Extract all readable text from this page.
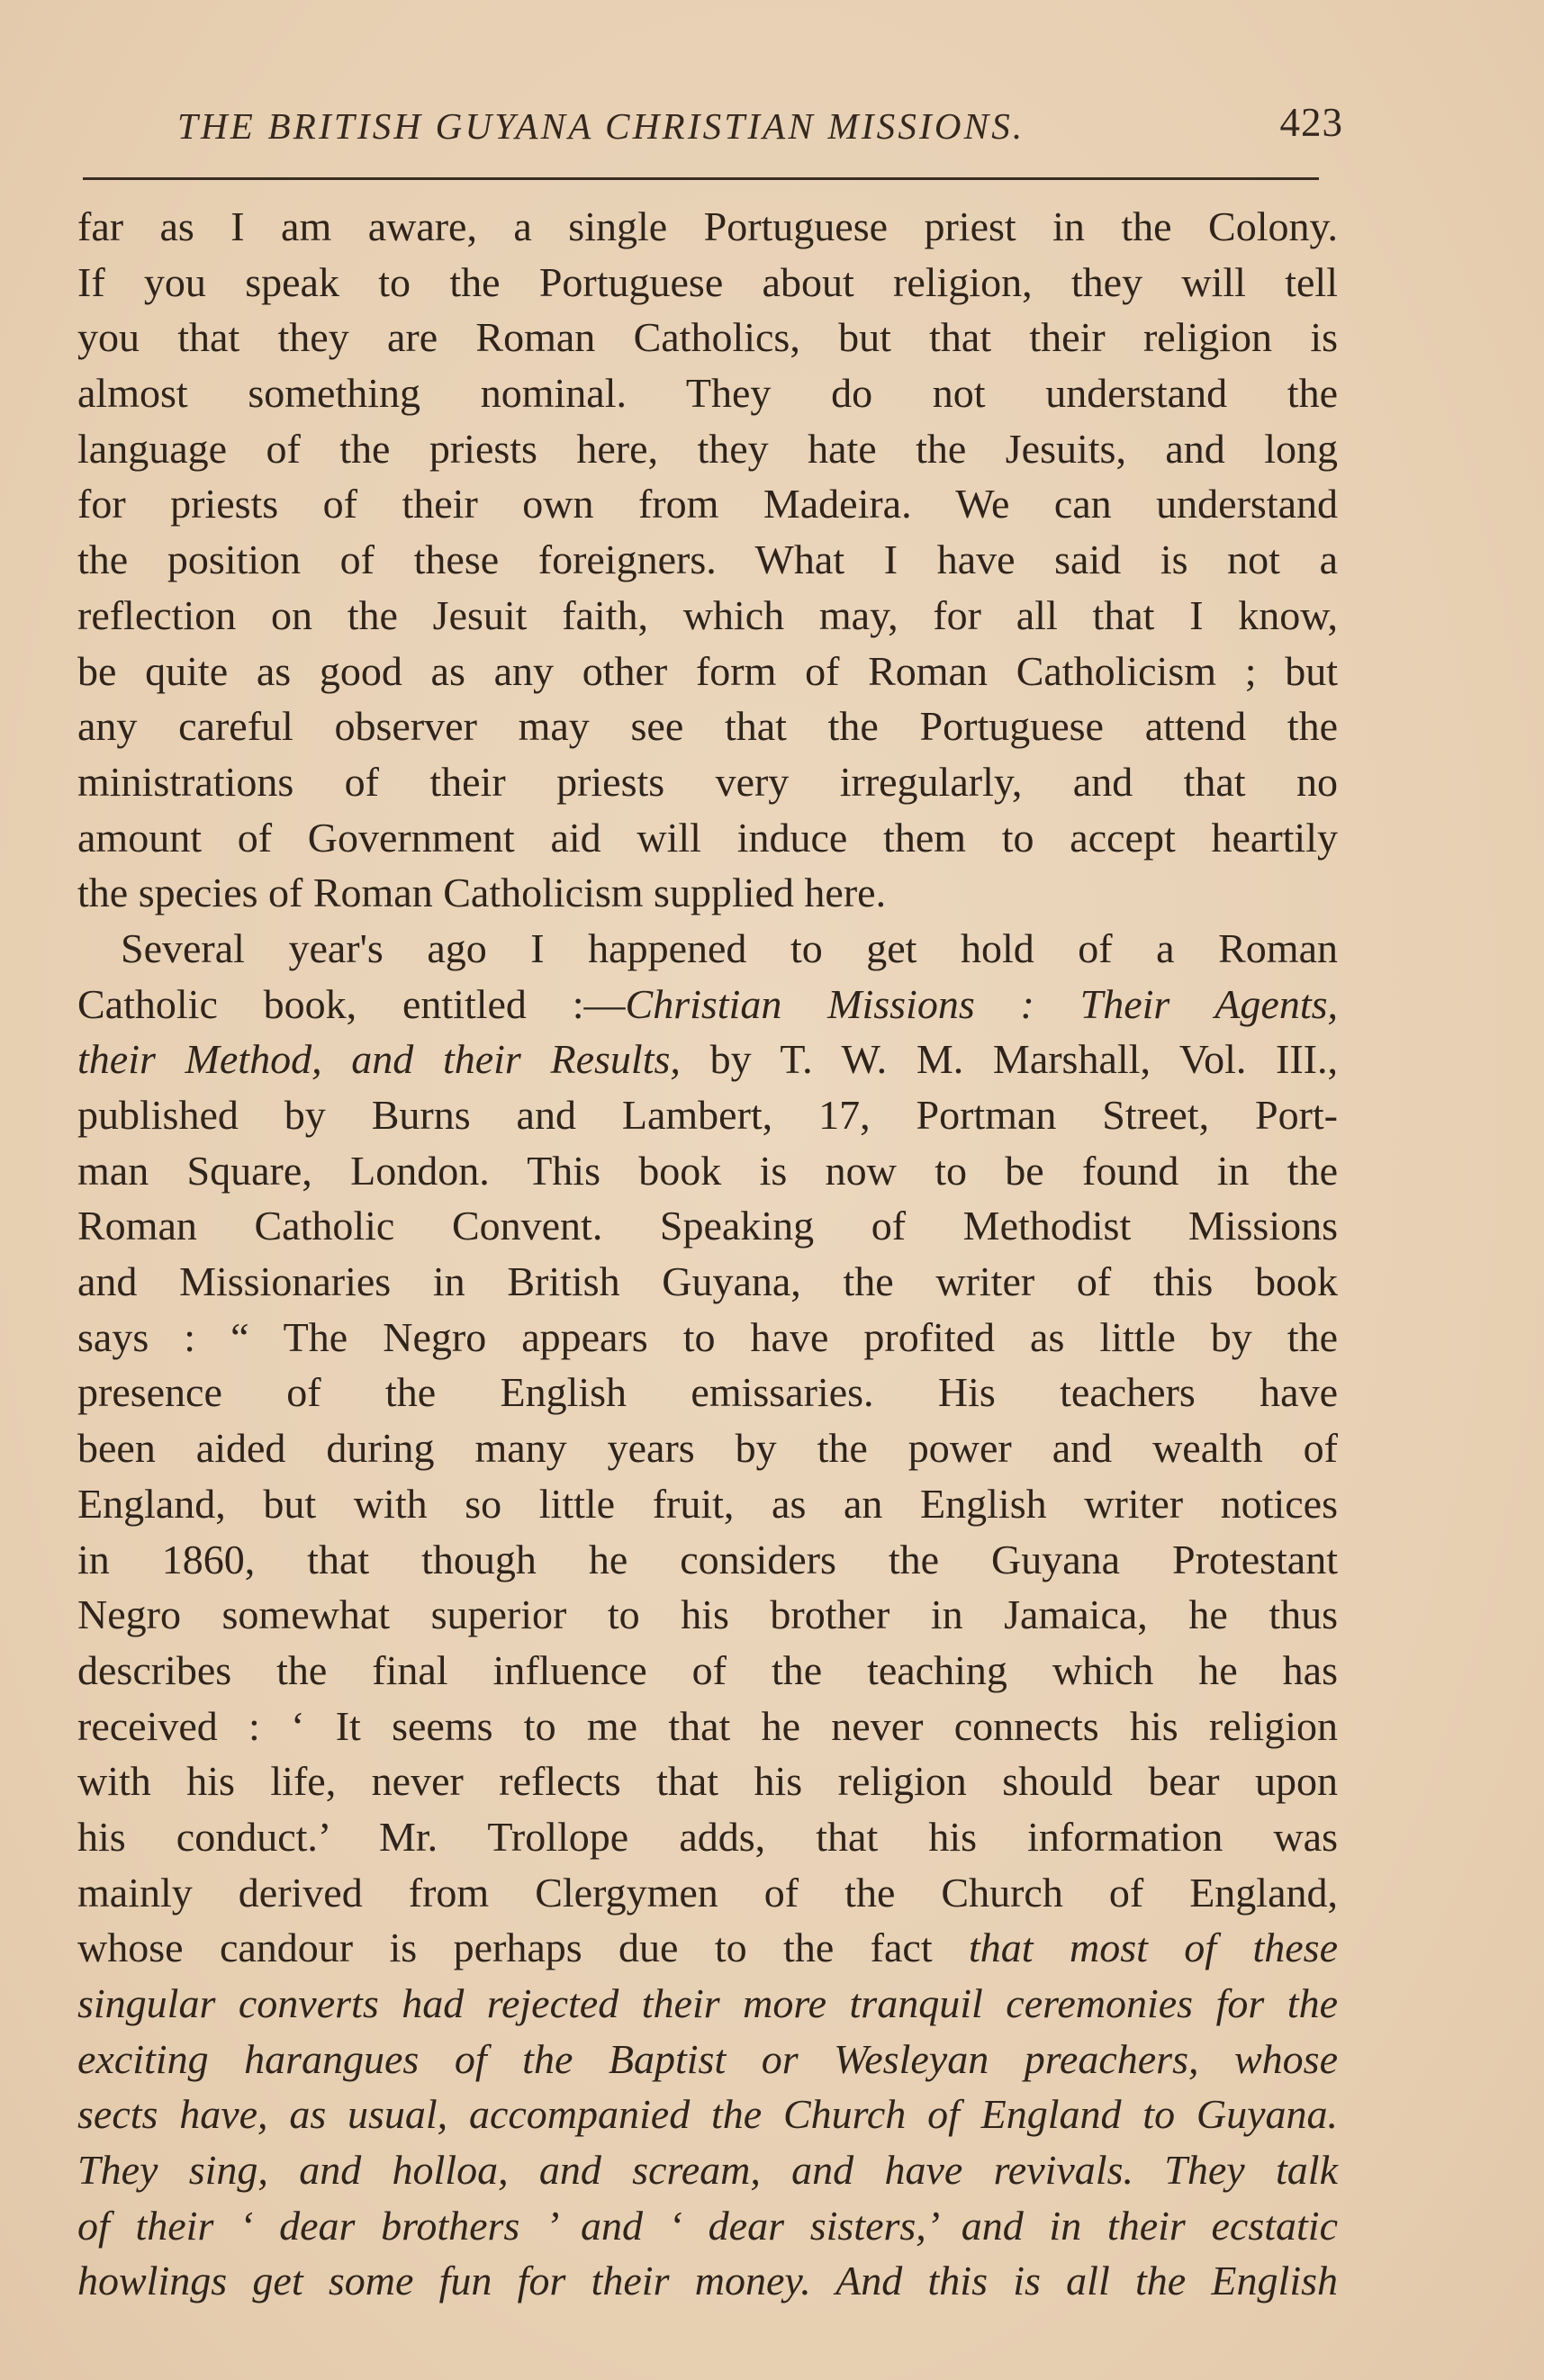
THE BRITISH GUYANA CHRISTIAN MISSIONS.	423
far as I am aware, a single Portuguese priest in the Colony.
If you speak to the Portuguese about religion, they will tell
you that they are Roman Catholics, but that their religion is
almost something nominal. They do not understand the
language of the priests here, they hate the Jesuits, and long
for priests of their own from Madeira. We can understand
the position of these foreigners. What I have said is not a
reflection on the Jesuit faith, which may, for all that I know,
be quite as good as any other form of Roman Catholicism ; but
any careful observer may see that the Portuguese attend the
ministrations of their priests very irregularly, and that no
amount of Government aid will induce them to accept heartily
the species of Roman Catholicism supplied here.
Several year's ago I happened to get hold of a Roman
Catholic book, entitled :—Christian Missions : Their Agents,
their Method, and their Results, by T. W. M. Marshall, Vol. III.,
published by Burns and Lambert, 17, Portman Street, Port-
man Square, London. This book is now to be found in the
Roman Catholic Convent. Speaking of Methodist Missions
and Missionaries in British Guyana, the writer of this book
says : “ The Negro appears to have profited as little by the
presence of the English emissaries. His teachers have
been aided during many years by the power and wealth of
England, but with so little fruit, as an English writer notices
in 1860, that though he considers the Guyana Protestant
Negro somewhat superior to his brother in Jamaica, he thus
describes the final influence of the teaching which he has
received : ‘ It seems to me that he never connects his religion
with his life, never reflects that his religion should bear upon
his conduct.’ Mr. Trollope adds, that his information was
mainly derived from Clergymen of the Church of England,
whose candour is perhaps due to the fact that most of these
singular converts had rejected their more tranquil ceremonies for the
exciting harangues of the Baptist or Wesleyan preachers, whose
sects have, as usual, accompanied the Church of England to Guyana.
They sing, and holloa, and scream, and have revivals. They talk
of their ‘ dear brothers ’ and ‘ dear sisters,’ and in their ecstatic
howlings get some fun for their money. And this is all the English
